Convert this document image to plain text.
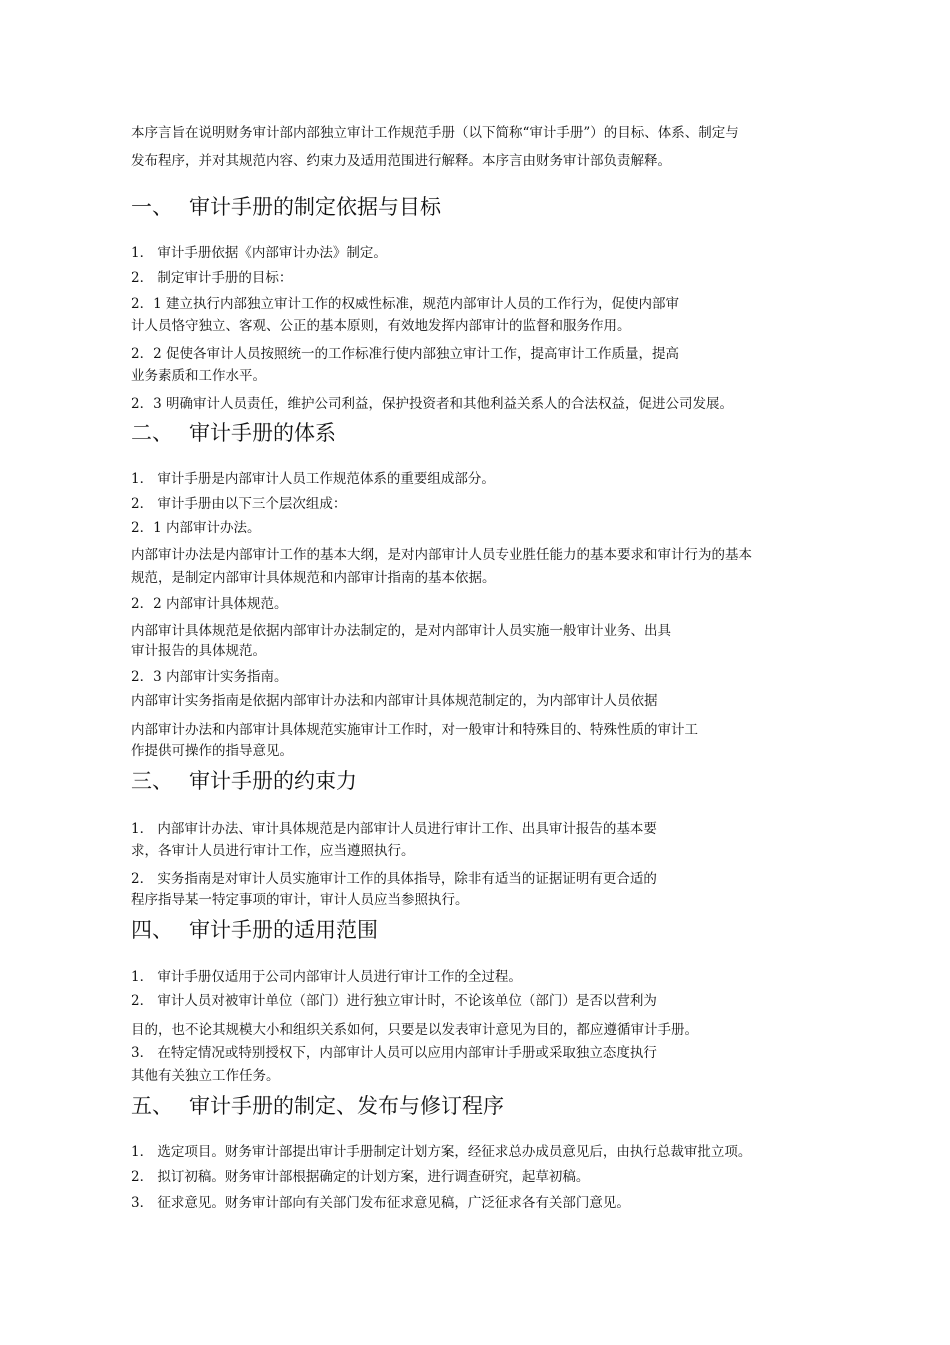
本序言旨在说明财务审计部内部独立审计工作规范手册（以下简称“审计手册”）的目标、体系、制定与

发布程序，并对其规范内容、约束力及适用范围进行解释。本序言由财务审计部负责解释。

一、 审计手册的制定依据与目标

1． 审计手册依据《内部审计办法》制定。

2． 制定审计手册的目标：

2．1 建立执行内部独立审计工作的权威性标准，规范内部审计人员的工作行为，促使内部审

计人员恪守独立、客观、公正的基本原则，有效地发挥内部审计的监督和服务作用。

2．2 促使各审计人员按照统一的工作标准行使内部独立审计工作，提高审计工作质量，提高

业务素质和工作水平。

2．3 明确审计人员责任，维护公司利益，保护投资者和其他利益关系人的合法权益，促进公司发展。

二、 审计手册的体系

1． 审计手册是内部审计人员工作规范体系的重要组成部分。

2． 审计手册由以下三个层次组成：

2．1 内部审计办法。

内部审计办法是内部审计工作的基本大纲，是对内部审计人员专业胜任能力的基本要求和审计行为的基本

规范，是制定内部审计具体规范和内部审计指南的基本依据。

2．2 内部审计具体规范。

内部审计具体规范是依据内部审计办法制定的，是对内部审计人员实施一般审计业务、出具

审计报告的具体规范。

2．3 内部审计实务指南。

内部审计实务指南是依据内部审计办法和内部审计具体规范制定的，为内部审计人员依据

内部审计办法和内部审计具体规范实施审计工作时，对一般审计和特殊目的、特殊性质的审计工

作提供可操作的指导意见。

三、 审计手册的约束力

1． 内部审计办法、审计具体规范是内部审计人员进行审计工作、出具审计报告的基本要

求，各审计人员进行审计工作，应当遵照执行。

2． 实务指南是对审计人员实施审计工作的具体指导，除非有适当的证据证明有更合适的

程序指导某一特定事项的审计，审计人员应当参照执行。

四、 审计手册的适用范围

1． 审计手册仅适用于公司内部审计人员进行审计工作的全过程。

2． 审计人员对被审计单位（部门）进行独立审计时，不论该单位（部门）是否以营利为

目的，也不论其规模大小和组织关系如何，只要是以发表审计意见为目的，都应遵循审计手册。

3． 在特定情况或特别授权下，内部审计人员可以应用内部审计手册或采取独立态度执行

其他有关独立工作任务。

五、 审计手册的制定、发布与修订程序

1． 选定项目。财务审计部提出审计手册制定计划方案，经征求总办成员意见后，由执行总裁审批立项。

2． 拟订初稿。财务审计部根据确定的计划方案，进行调查研究，起草初稿。

3． 征求意见。财务审计部向有关部门发布征求意见稿，广泛征求各有关部门意见。
